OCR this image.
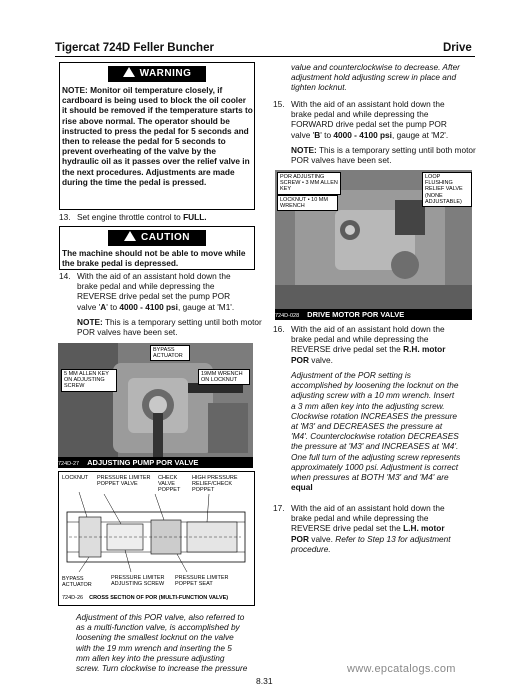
Tigercat 724D Feller Buncher	Drive
WARNING
NOTE: Monitor oil temperature closely, if cardboard is being used to block the oil cooler it should be removed if the temperature starts to rise above normal. The operator should be instructed to press the pedal for 5 seconds and then to release the pedal for 5 seconds to prevent overheating of the valve by the hydraulic oil as it passes over the relief valve in the next procedures. Adjustments are made during the time the pedal is pressed.
13. Set engine throttle control to FULL.
CAUTION
The machine should not be able to move while the brake pedal is depressed.
14. With the aid of an assistant hold down the
brake pedal and while depressing the
REVERSE drive pedal set the pump POR
valve 'A' to 4000 - 4100 psi, gauge at 'M1'.
NOTE: This is a temporary setting until both motor POR valves have been set.
BYPASS ACTUATOR
5 MM ALLEN KEY ON ADJUSTING SCREW
19MM WRENCH ON LOCKNUT
724D-27 ADJUSTING PUMP POR VALVE
LOCKNUT PRESSURE LIMITER POPPET VALVE
CHECK VALVE POPPET
HIGH PRESSURE RELIEF/CHECK POPPET
BYPASS ACTUATOR
PRESSURE LIMITER ADJUSTING SCREW
PRESSURE LIMITER POPPET SEAT
724D-26 CROSS SECTION OF POR (MULTI-FUNCTION VALVE)
Adjustment of this POR valve, also referred to
as a multi-function valve, is accomplished by
loosening the smallest locknut on the valve
with the 19 mm wrench and inserting the 5
mm allen key into the pressure adjusting
screw. Turn clockwise to increase the pressure
value and counterclockwise to decrease. After
adjustment hold adjusting screw in place and
tighten locknut.
15. With the aid of an assistant hold down the
brake pedal and while depressing the
FORWARD drive pedal set the pump POR
valve 'B' to 4000 - 4100 psi, gauge at 'M2'.
NOTE: This is a temporary setting until both motor POR valves have been set.
POR ADJUSTING SCREW • 3 MM ALLEN KEY
LOCKNUT • 10 MM WRENCH
LOOP FLUSHING RELIEF VALVE (NONE ADJUSTABLE)
724D-028 DRIVE MOTOR POR VALVE
16. With the aid of an assistant hold down the
brake pedal and while depressing the
REVERSE drive pedal set the R.H. motor
POR valve.
Adjustment of the POR setting is
accomplished by loosening the locknut on the
adjusting screw with a 10 mm wrench. Insert
a 3 mm allen key into the adjusting screw.
Clockwise rotation INCREASES the pressure
at 'M3' and DECREASES the pressure at
'M4'. Counterclockwise rotation DECREASES
the pressure at 'M3' and INCREASES at 'M4'.
One full turn of the adjusting screw represents
approximately 1000 psi. Adjustment is correct
when pressures at BOTH 'M3' and 'M4' are
equal
17. With the aid of an assistant hold down the
brake pedal and while depressing the
REVERSE drive pedal set the L.H. motor
POR valve. Refer to Step 13 for adjustment
procedure.
8.31
www.epcatalogs.com
